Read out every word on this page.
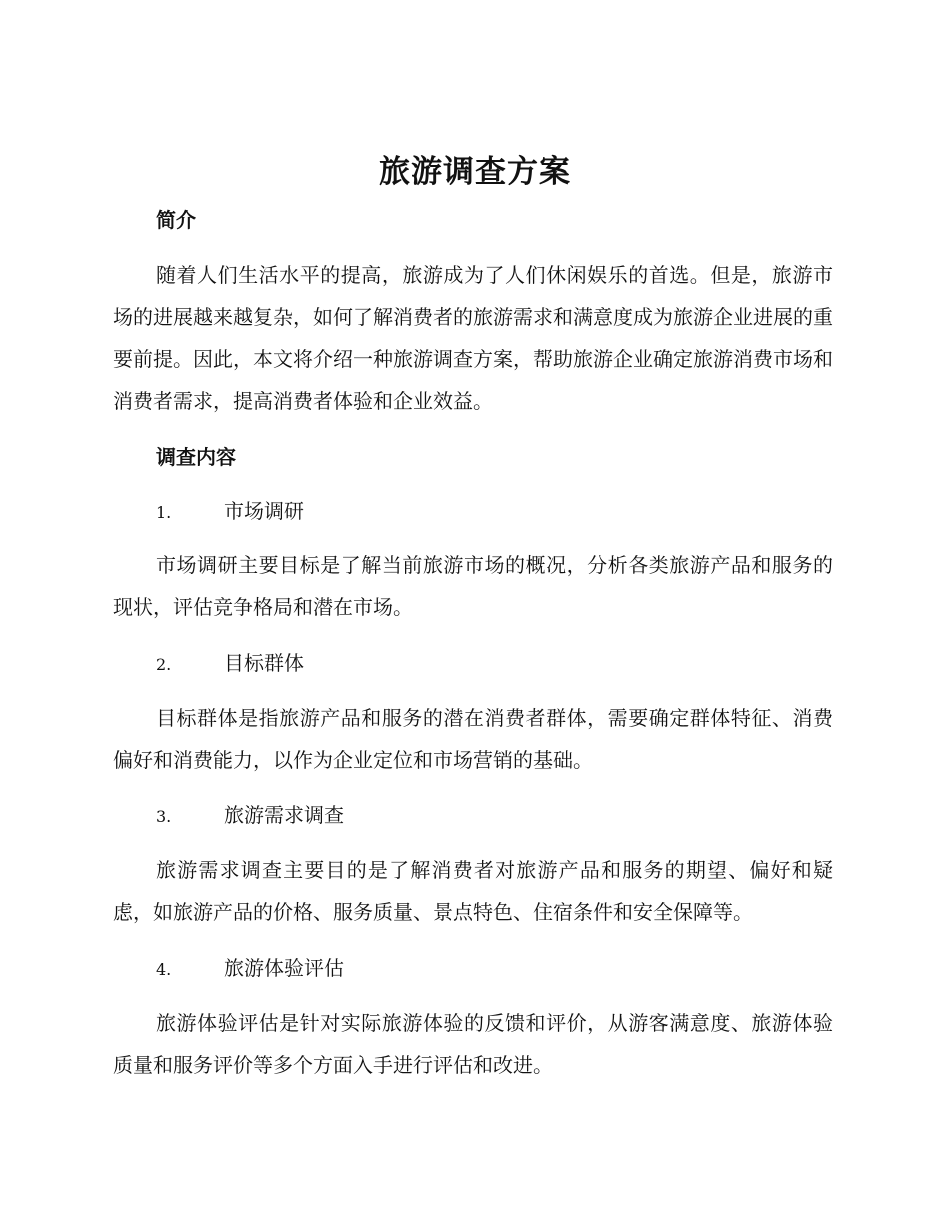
旅游调查方案
简介

随着人们生活水平的提高，旅游成为了人们休闲娱乐的首选。但是，旅游市场的进展越来越复杂，如何了解消费者的旅游需求和满意度成为旅游企业进展的重要前提。因此，本文将介绍一种旅游调查方案，帮助旅游企业确定旅游消费市场和消费者需求，提高消费者体验和企业效益。

调查内容
1.	市场调研

市场调研主要目标是了解当前旅游市场的概况，分析各类旅游产品和服务的现状，评估竞争格局和潜在市场。

2.	目标群体

目标群体是指旅游产品和服务的潜在消费者群体，需要确定群体特征、消费偏好和消费能力，以作为企业定位和市场营销的基础。

3.	旅游需求调查

旅游需求调查主要目的是了解消费者对旅游产品和服务的期望、偏好和疑虑，如旅游产品的价格、服务质量、景点特色、住宿条件和安全保障等。

4.	旅游体验评估

旅游体验评估是针对实际旅游体验的反馈和评价，从游客满意度、旅游体验质量和服务评价等多个方面入手进行评估和改进。
